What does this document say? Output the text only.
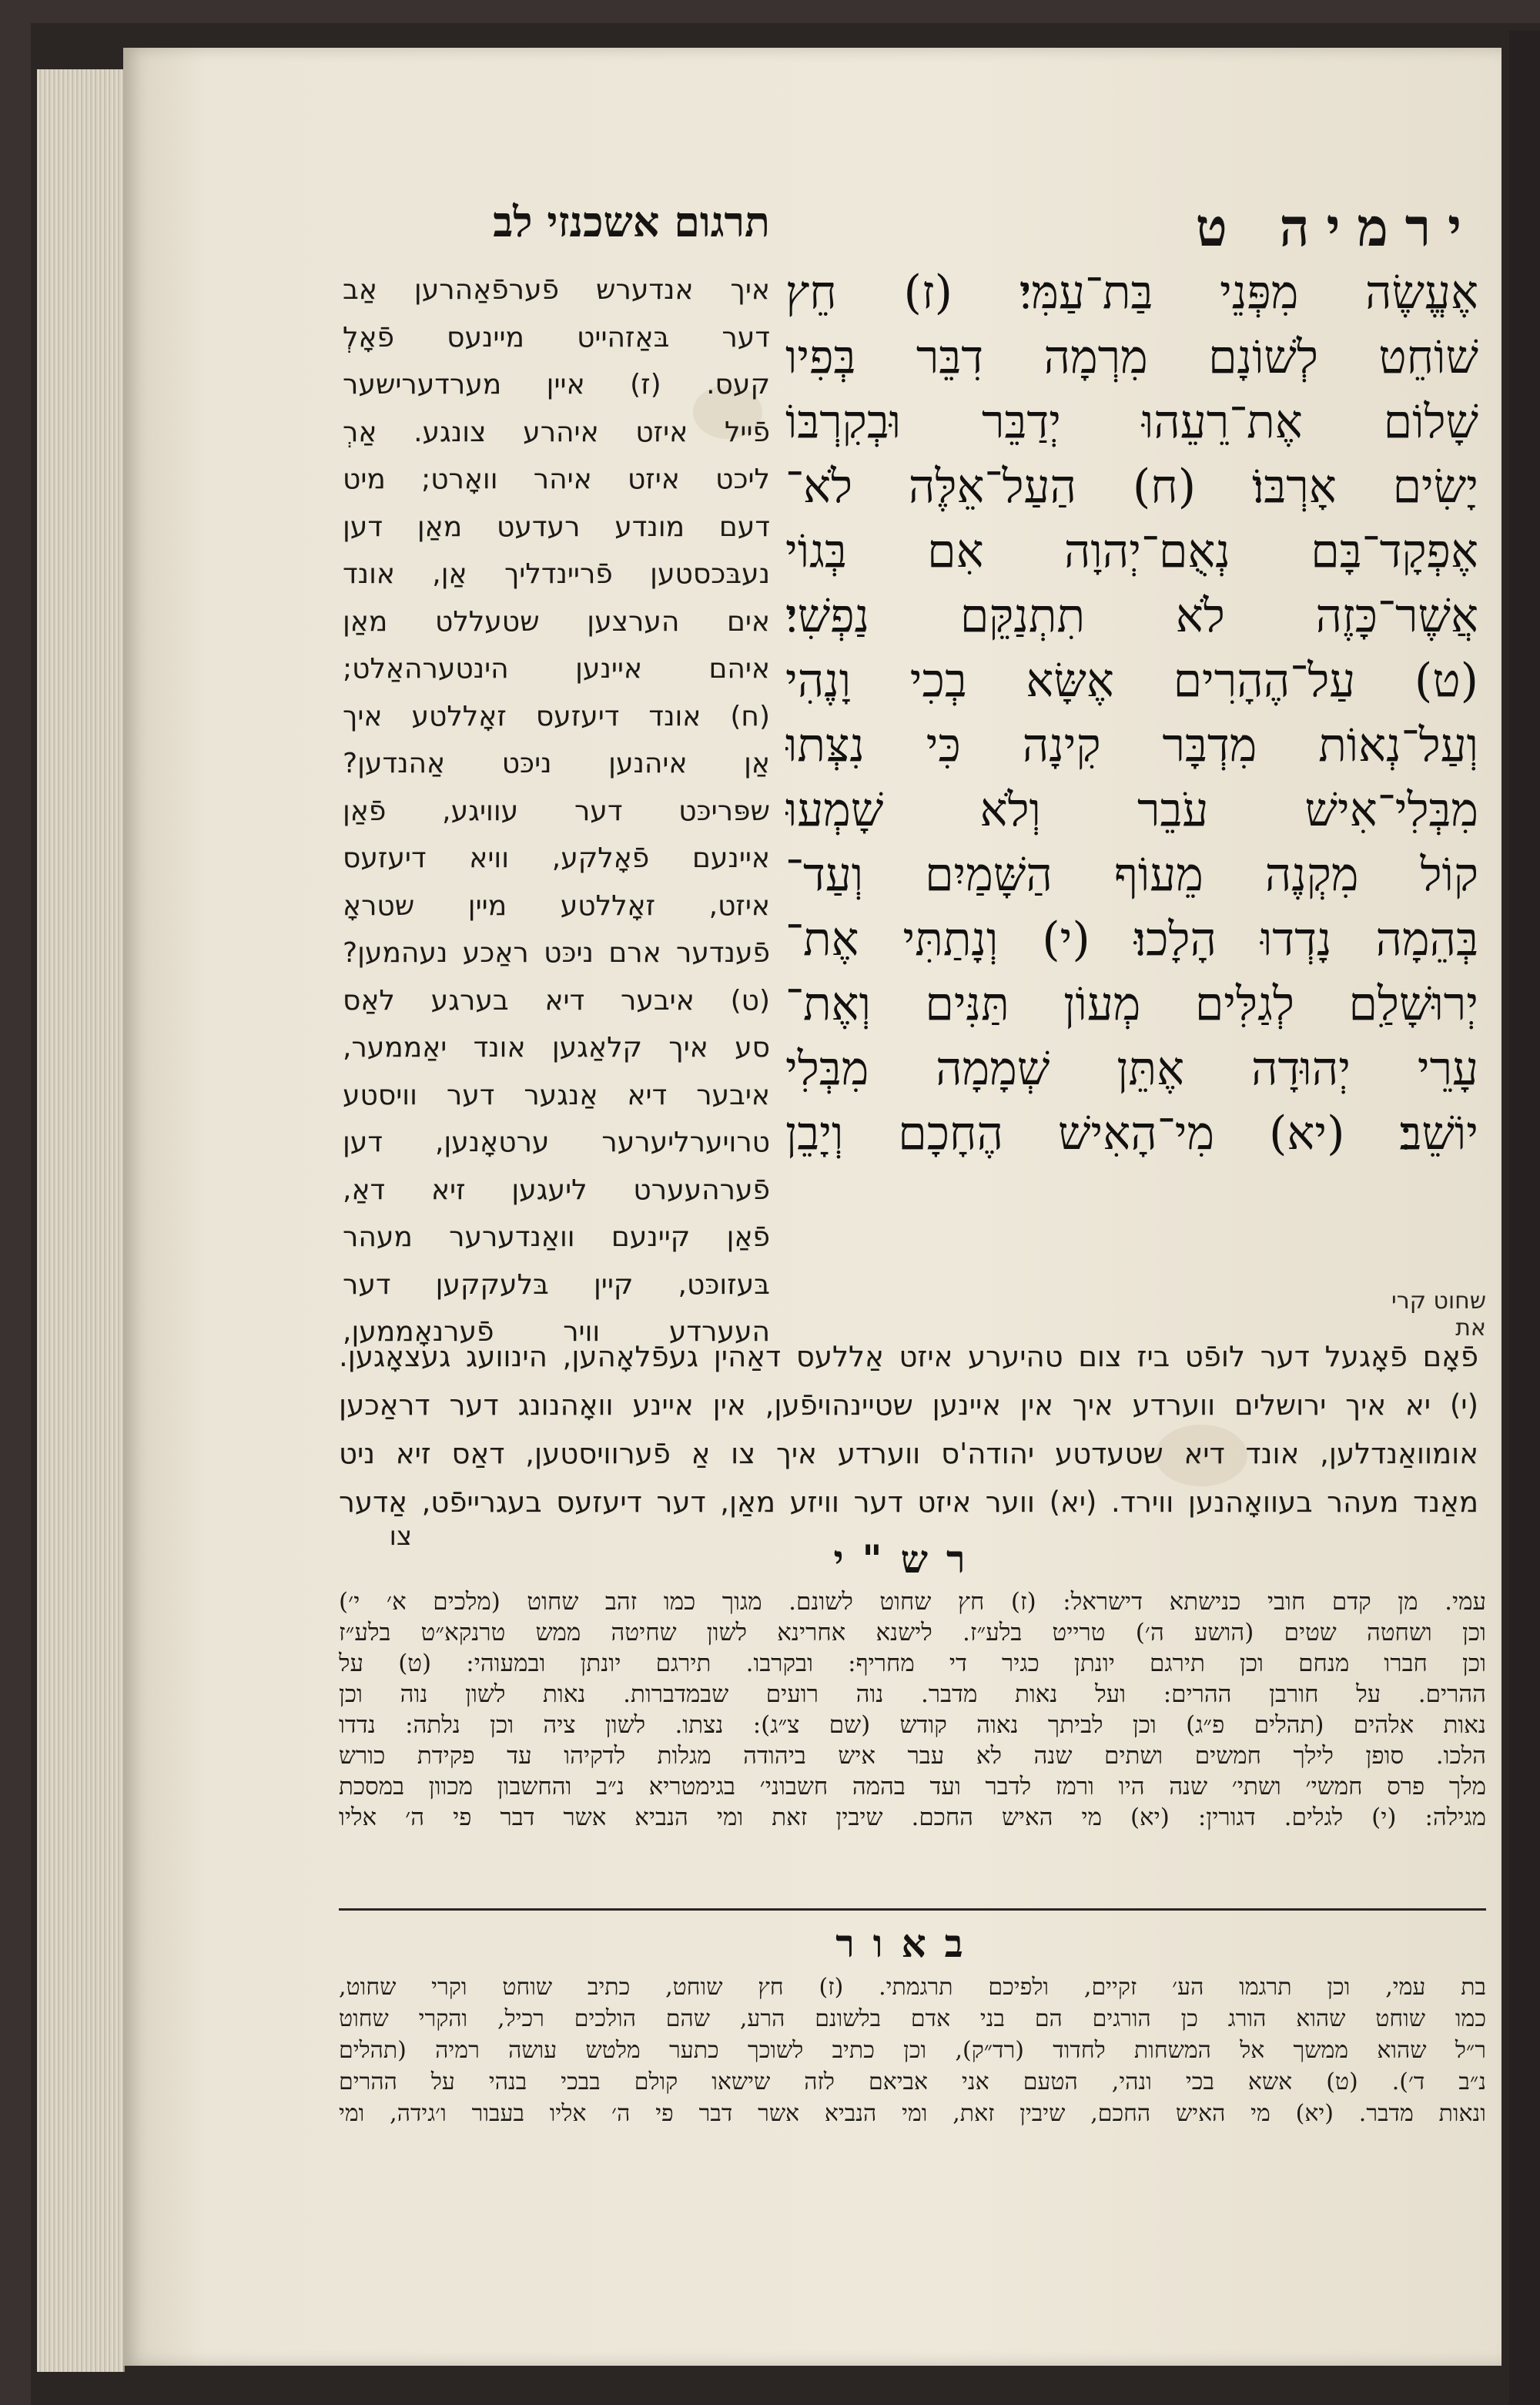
ירמיה ט
תרגום אשכנזי לב
איך אנדערש פֿערפֿאַהרען אַב
דער בּאַזהייט מיינעס פֿאָלְ
קעס. (ז) איין מערדערישער
פֿייל איזט איהרע צונגע. אַרְ
ליכט איזט איהר וואָרט; מיט
דעם מונדע רעדעט מאַן דען
נעבּכסטען פֿריינדליך אַן, אונד
אים הערצען שטעללט מאַן
איהם איינען הינטערהאַלט;
(ח) אונד דיעזעס זאָללטע איך
אַן איהנען ניכּט אַהנדען?
שפּריכּט דער עוויגע, פֿאַן
איינעם פֿאָלקע, וויא דיעזעס
איזט, זאָללטע מיין שטראָ
פֿענדער ארם ניכּט ראַכע נעהמען?
(ט) איבער דיא בערגע לאַס
סע איך קלאַגען אונד יאַממער,
איבער דיא אַנגער דער וויסטע
טרויערליערער ערטאָנען, דען
פֿערהעערט ליעגען זיא דאַ,
פֿאַן קיינעם וואַנדערער מעהר
בּעזוכּט, קיין בּלעקקען דער
העערדע וויר פֿערנאָממען,
אֶעֱשֶׂה מִפְּנֵי בַּת־עַמִּי׃ (ז) חֵץ
שׁוֹחֵט לְשׁוֹנָם מִרְמָה דִבֵּר בְּפִיו
שָׁלוֹם אֶת־רֵעֵהוּ יְדַבֵּר וּבְקִרְבּוֹ
יָשִׂים אָרְבּוֹ׃ (ח) הַעַל־אֵלֶּה לֹא־
אֶפְקָד־בָּם נְאֻם־יְהוָה אִם בְּגוֹי
אֲשֶׁר־כָּזֶה לֹא תִתְנַקֵּם נַפְשִׁי׃
(ט) עַל־הֶהָרִים אֶשָּׂא בְכִי וָנֶהִי
וְעַל־נְאוֹת מִדְבָּר קִינָה כִּי נִצְּתוּ
מִבְּלִי־אִישׁ עֹבֵר וְלֹא שָׁמְעוּ
קוֹל מִקְנֶה מֵעוֹף הַשָּׁמַיִם וְעַד־
בְּהֵמָה נָדְדוּ הָלָכוּ׃ (י) וְנָתַתִּי אֶת־
יְרוּשָׁלַ͏ִם לְגַלִּים מְעוֹן תַּנִּים וְאֶת־
עָרֵי יְהוּדָה אֶתֵּן שְׁמָמָה מִבְּלִי
יוֹשֵׁב׃ (יא) מִי־הָאִישׁ הֶחָכָם וְיָבֵן
שחוט קרי את
פֿאָם פֿאָגעל דער לופֿט ביז צום טהיערע איזט אַללעס דאַהין געפֿלאָהען, הינוועג געצאָגען.
(י) יא איך ירושלים ווערדע איך אין איינען שטיינהויפֿען, אין איינע וואָהנונג דער דראַכען
אומוואַנדלען, אונד דיא שטעדטע יהודה'ס ווערדע איך צו אַ פֿערוויסטען, דאַס זיא ניט
מאַנד מעהר בעוואָהנען ווירד. (יא) ווער איזט דער וויזע מאַן, דער דיעזעס בעגרייפֿט, אַדער
צו	רש"י
עמי. מן קדם חובי כנישתא דישראל: (ז) חץ שחוט לשונם. מגוך כמו זהב שחוט (מלכים א׳ י׳)
וכן ושחטה שטים (הושע ה׳) טרייט בלע״ז. לישנא אחרינא לשון שחיטה ממש טרנקא״ט בלע״ז
וכן חברו מנחם וכן תירגם יונתן כגיר די מחריף: ובקרבו. תירגם יונתן ובמעוהי: (ט) על
ההרים. על חורבן ההרים: ועל נאות מדבר. נוה רועים שבמדברות. נאות לשון נוה וכן
נאות אלהים (תהלים פ״ג) וכן לביתך נאוה קודש (שם צ״ג): נצתו. לשון ציה וכן נלתה: נדדו
הלכו. סופן לילך חמשים ושתים שנה לא עבר איש ביהודה מגלות לדקיהו עד פקידת כורש
מלך פרס חמשי׳ ושתי׳ שנה היו ורמז לדבר ועד בהמה חשבוני׳ בגימטריא נ״ב והחשבון מכוון במסכת
מגילה: (י) לגלים. דגורין: (יא) מי האיש החכם. שיבין זאת ומי הנביא אשר דבר פי ה׳ אליו
באור
בת עמי, וכן תרגמו הע׳ זקיים, ולפיכם תרגמתי. (ז) חץ שוחט, כתיב שוחט וקרי שחוט,
כמו שוחט שהוא הורג כן הורגים הם בני אדם בלשונם הרע, שהם הולכים רכיל, והקרי שחוט
ר״ל שהוא ממשך אל המשחות לחדוד (רד״ק), וכן כתיב לשוכך כתער מלטש עושה רמיה (תהלים
נ״ב ד׳). (ט) אשא בכי ונהי, הטעם אני אביאם לזה שישאו קולם בבכי בנהי על ההרים
ונאות מדבר. (יא) מי האיש החכם, שיבין זאת, ומי הנביא אשר דבר פי ה׳ אליו בעבור ו׳גידה, ומי
